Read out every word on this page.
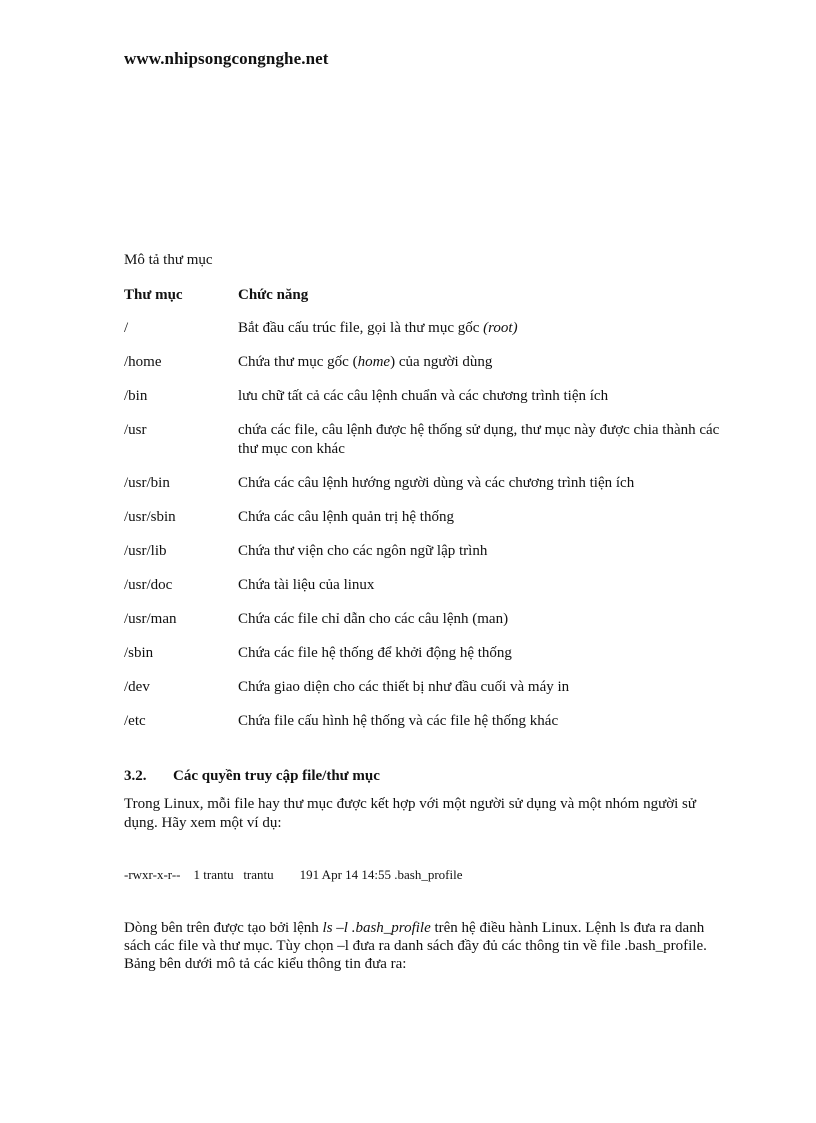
www.nhipsongcongnghe.net
Mô tả thư mục
Thư mục	Chức năng
/	Bắt đầu cấu trúc file, gọi là thư mục gốc (root)
/home	Chứa thư mục gốc (home) của người dùng
/bin	lưu chữ tất cả các câu lệnh chuẩn và các chương trình tiện ích
/usr	chứa các file, câu lệnh được hệ thống sử dụng, thư mục này được chia thành các thư mục con khác
/usr/bin	Chứa các câu lệnh hướng người dùng và các chương trình tiện ích
/usr/sbin	Chứa các câu lệnh quản trị hệ thống
/usr/lib	Chứa thư viện cho các ngôn ngữ lập trình
/usr/doc	Chứa tài liệu của linux
/usr/man	Chứa các file chỉ dẫn cho các câu lệnh (man)
/sbin	Chứa các file hệ thống để khởi động hệ thống
/dev	Chứa giao diện cho các thiết bị như đầu cuối và máy in
/etc	Chứa file cấu hình hệ thống và các file hệ thống khác
3.2. Các quyền truy cập file/thư mục
Trong Linux, mỗi file hay thư mục được kết hợp với một người sử dụng và một nhóm người sử dụng. Hãy xem một ví dụ:
-rwxr-x-r--    1 trantu   trantu        191 Apr 14 14:55 .bash_profile
Dòng bên trên được tạo bởi lệnh ls –l .bash_profile trên hệ điều hành Linux. Lệnh ls đưa ra danh sách các file và thư mục. Tùy chọn –l đưa ra danh sách đầy đủ các thông tin về file .bash_profile. Bảng bên dưới mô tả các kiểu thông tin đưa ra:
